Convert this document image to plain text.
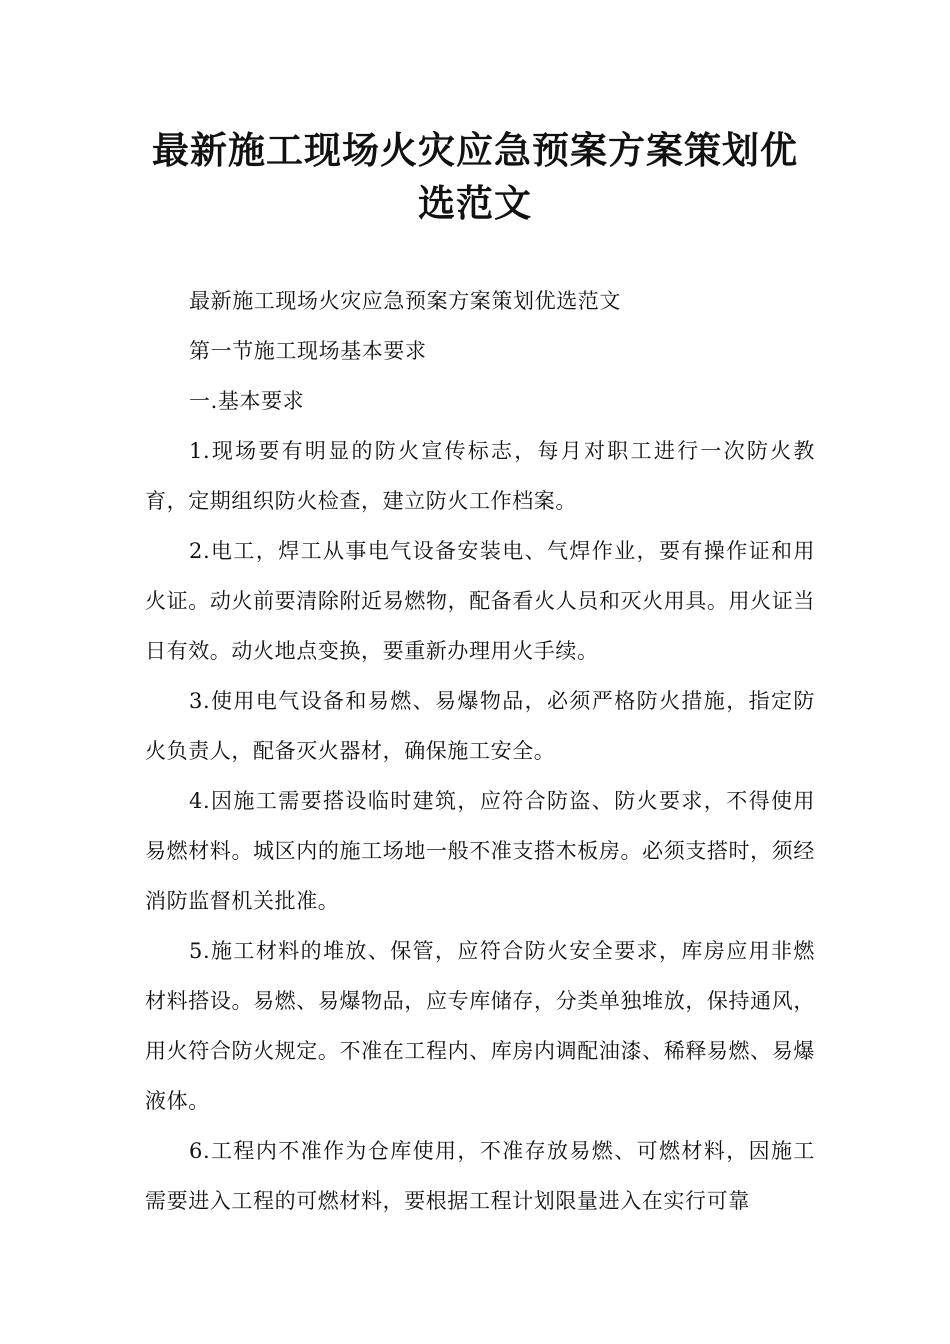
最新施工现场火灾应急预案方案策划优
选范文

最新施工现场火灾应急预案方案策划优选范文

第一节施工现场基本要求

一.基本要求

1.现场要有明显的防火宣传标志，每月对职工进行一次防火教育，定期组织防火检查，建立防火工作档案。

2.电工，焊工从事电气设备安装电、气焊作业，要有操作证和用火证。动火前要清除附近易燃物，配备看火人员和灭火用具。用火证当日有效。动火地点变换，要重新办理用火手续。

3.使用电气设备和易燃、易爆物品，必须严格防火措施，指定防火负责人，配备灭火器材，确保施工安全。

4.因施工需要搭设临时建筑，应符合防盗、防火要求，不得使用易燃材料。城区内的施工场地一般不准支搭木板房。必须支搭时，须经消防监督机关批准。

5.施工材料的堆放、保管，应符合防火安全要求，库房应用非燃材料搭设。易燃、易爆物品，应专库储存，分类单独堆放，保持通风，用火符合防火规定。不准在工程内、库房内调配油漆、稀释易燃、易爆液体。

6.工程内不准作为仓库使用，不准存放易燃、可燃材料，因施工需要进入工程的可燃材料，要根据工程计划限量进入在实行可靠
